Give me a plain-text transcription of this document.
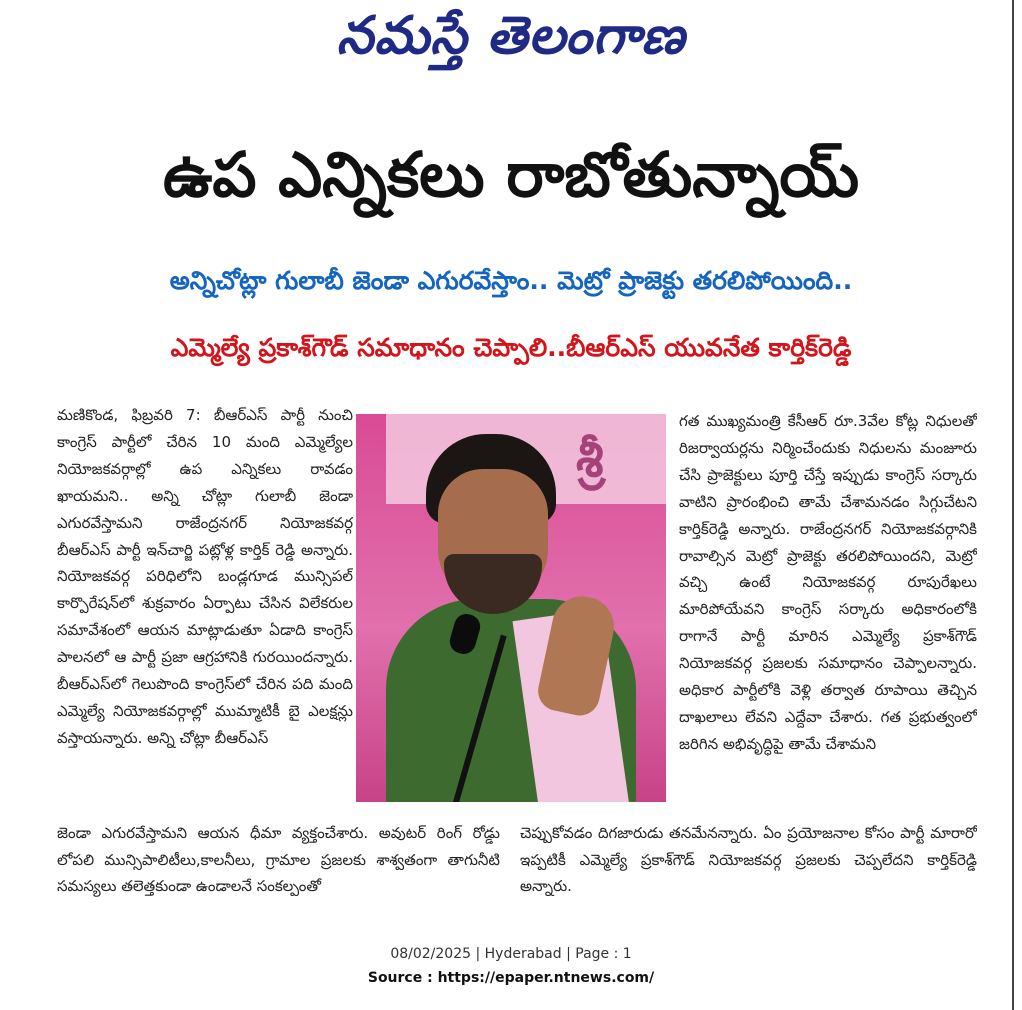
నమస్తే తెలంగాణ
ఉప ఎన్నికలు రాబోతున్నాయ్‌
అన్నిచోట్లా గులాబీ జెండా ఎగురవేస్తాం.. మెట్రో ప్రాజెక్టు తరలిపోయింది..
ఎమ్మెల్యే ప్రకాశ్‌గౌడ్‌ సమాధానం చెప్పాలి..బీఆర్‌ఎస్‌ యువనేత కార్తిక్‌రెడ్డి
మణికొండ, ఫిబ్రవరి 7: బీఆర్‌ఎస్‌ పార్టీ నుంచి కాంగ్రెస్‌ పార్టీలో చేరిన 10 మంది ఎమ్మెల్యేల నియోజకవర్గాల్లో ఉప ఎన్నికలు రావడం ఖాయమని.. అన్ని చోట్లా గులాబీ జెండా ఎగురవేస్తామని రాజేంద్రనగర్‌ నియోజకవర్గ బీఆర్‌ఎస్‌ పార్టీ ఇన్‌చార్జి పట్లోళ్ల కార్తిక్‌ రెడ్డి అన్నారు. నియోజకవర్గ పరిధిలోని బండ్లగూడ మున్సిపల్‌ కార్పొరేషన్‌లో శుక్రవారం ఏర్పాటు చేసిన విలేకరుల సమావేశంలో ఆయన మాట్లాడుతూ ఏడాది కాంగ్రెస్‌ పాలనలో ఆ పార్టీ ప్రజా ఆగ్రహానికి గురయిందన్నారు. బీఆర్‌ఎస్‌లో గెలుపొంది కాంగ్రెస్‌లో చేరిన పది మంది ఎమ్మెల్యే నియోజకవర్గాల్లో ముమ్మాటికీ బై ఎలక్షన్లు వస్తాయన్నారు. అన్ని చోట్లా బీఆర్‌ఎస్‌
శ్రీ
గత ముఖ్యమంత్రి కేసీఆర్‌ రూ.3వేల కోట్ల నిధులతో రిజర్వాయర్లను నిర్మించేందుకు నిధులను మంజూరు చేసి ప్రాజెక్టులు పూర్తి చేస్తే ఇప్పుడు కాంగ్రెస్‌ సర్కారు వాటిని ప్రారంభించి తామే చేశామనడం సిగ్గుచేటని కార్తిక్‌రెడ్డి అన్నారు. రాజేంద్రనగర్‌ నియోజకవర్గానికి రావాల్సిన మెట్రో ప్రాజెక్టు తరలిపోయిందని, మెట్రో వచ్చి ఉంటే నియోజకవర్గ రూపురేఖలు మారిపోయేవని కాంగ్రెస్‌ సర్కారు అధికారంలోకి రాగానే పార్టీ మారిన ఎమ్మెల్యే ప్రకాశ్‌గౌడ్‌ నియోజకవర్గ ప్రజలకు సమాధానం చెప్పాలన్నారు. అధికార పార్టీలోకి వెళ్లి తర్వాత రూపాయి తెచ్చిన దాఖలాలు లేవని ఎద్దేవా చేశారు. గత ప్రభుత్వంలో జరిగిన అభివృద్ధిపై తామే చేశామని
జెండా ఎగురవేస్తామని ఆయన ధీమా వ్యక్తంచేశారు. అవుటర్‌ రింగ్‌ రోడ్డు లోపలి మున్సిపాలిటీలు,కాలనీలు, గ్రామాల ప్రజలకు శాశ్వతంగా తాగునీటి సమస్యలు తలెత్తకుండా ఉండాలనే సంకల్పంతో
చెప్పుకోవడం దిగజారుడు తనమేనన్నారు. ఏం ప్రయోజనాల కోసం పార్టీ మారారో ఇప్పటికీ ఎమ్మెల్యే ప్రకాశ్‌గౌడ్‌ నియోజకవర్గ ప్రజలకు చెప్పలేదని కార్తిక్‌రెడ్డి అన్నారు.
08/02/2025 | Hyderabad | Page : 1
Source : https://epaper.ntnews.com/
